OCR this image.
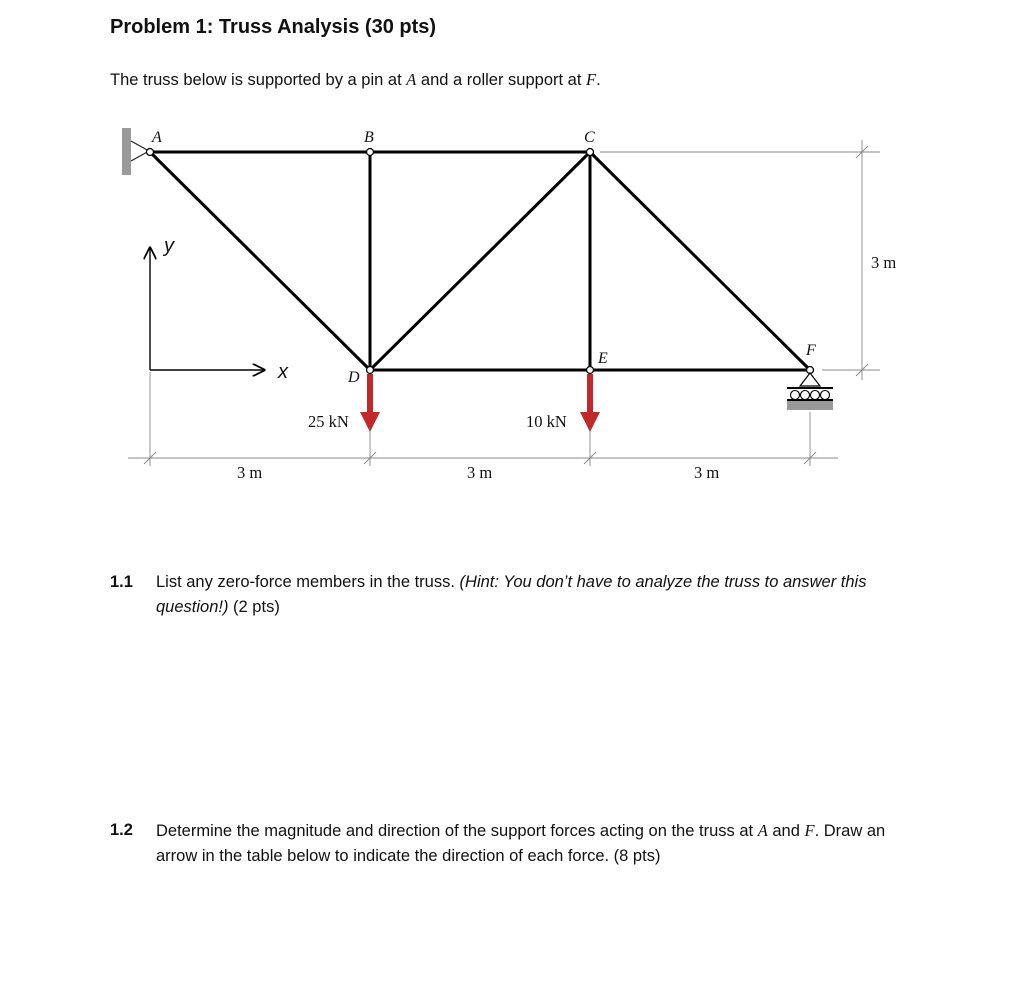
Problem 1: Truss Analysis (30 pts)
The truss below is supported by a pin at A and a roller support at F.
A	B	C
D
E	F
y
x
25 kN	10 kN
3 m	3 m	3 m
3 m
1.1	List any zero-force members in the truss. (Hint: You don’t have to analyze the truss to answer this question!) (2 pts)
1.2	Determine the magnitude and direction of the support forces acting on the truss at A and F. Draw an arrow in the table below to indicate the direction of each force. (8 pts)
